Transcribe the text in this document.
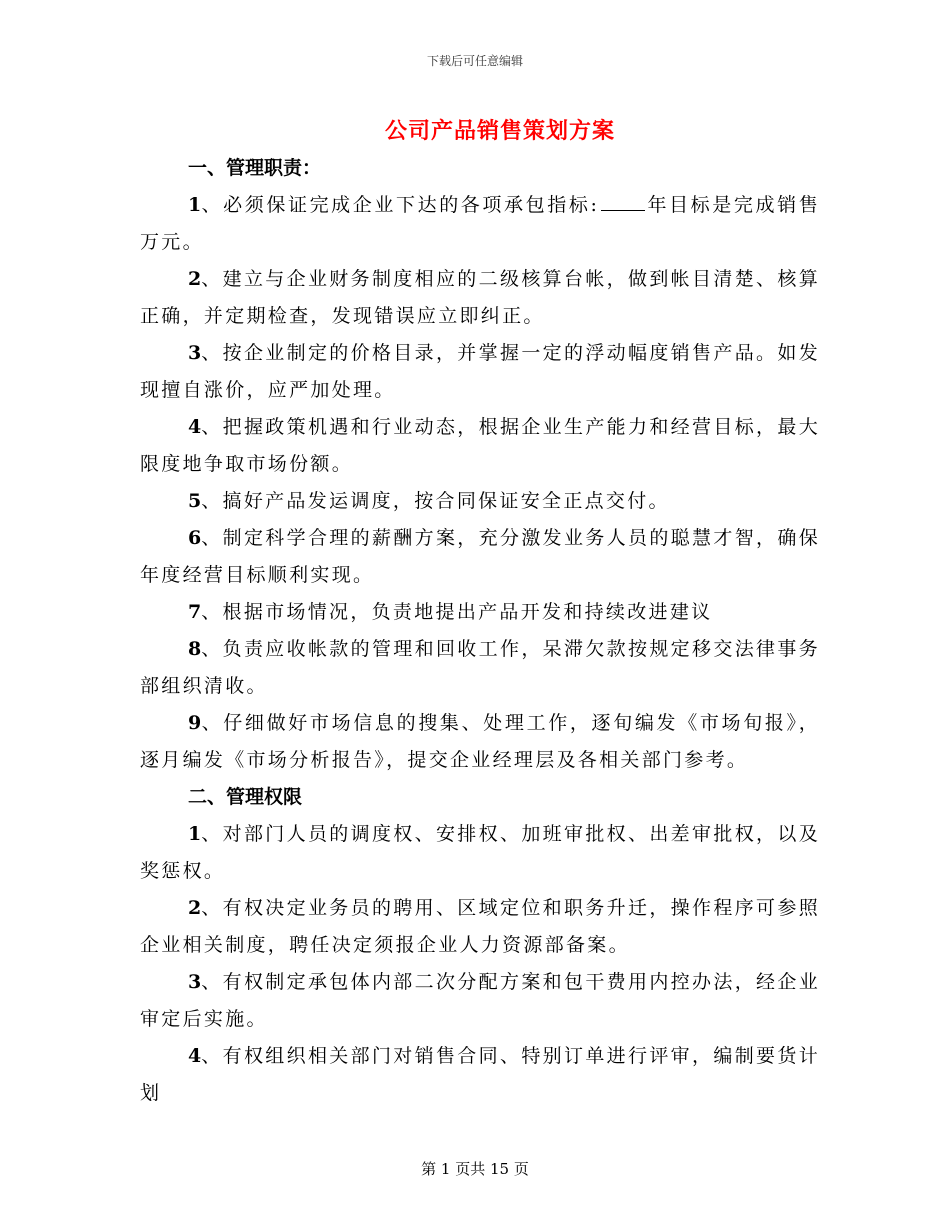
下载后可任意编辑
公司产品销售策划方案

一、管理职责：

1、必须保证完成企业下达的各项承包指标:	年目标是完成销售万元。

2、建立与企业财务制度相应的二级核算台帐，做到帐目清楚、核算正确，并定期检查，发现错误应立即纠正。

3、按企业制定的价格目录，并掌握一定的浮动幅度销售产品。如发现擅自涨价，应严加处理。

4、把握政策机遇和行业动态，根据企业生产能力和经营目标，最大限度地争取市场份额。

5、搞好产品发运调度，按合同保证安全正点交付。

6、制定科学合理的薪酬方案，充分激发业务人员的聪慧才智，确保年度经营目标顺利实现。

7、根据市场情况，负责地提出产品开发和持续改进建议

8、负责应收帐款的管理和回收工作，呆滞欠款按规定移交法律事务部组织清收。

9、仔细做好市场信息的搜集、处理工作，逐旬编发《市场旬报》，逐月编发《市场分析报告》，提交企业经理层及各相关部门参考。

二、管理权限

1、对部门人员的调度权、安排权、加班审批权、出差审批权，以及奖惩权。

2、有权决定业务员的聘用、区域定位和职务升迁，操作程序可参照企业相关制度，聘任决定须报企业人力资源部备案。

3、有权制定承包体内部二次分配方案和包干费用内控办法，经企业审定后实施。

4、有权组织相关部门对销售合同、特别订单进行评审，编制要货计划

第 1 页共 15 页
